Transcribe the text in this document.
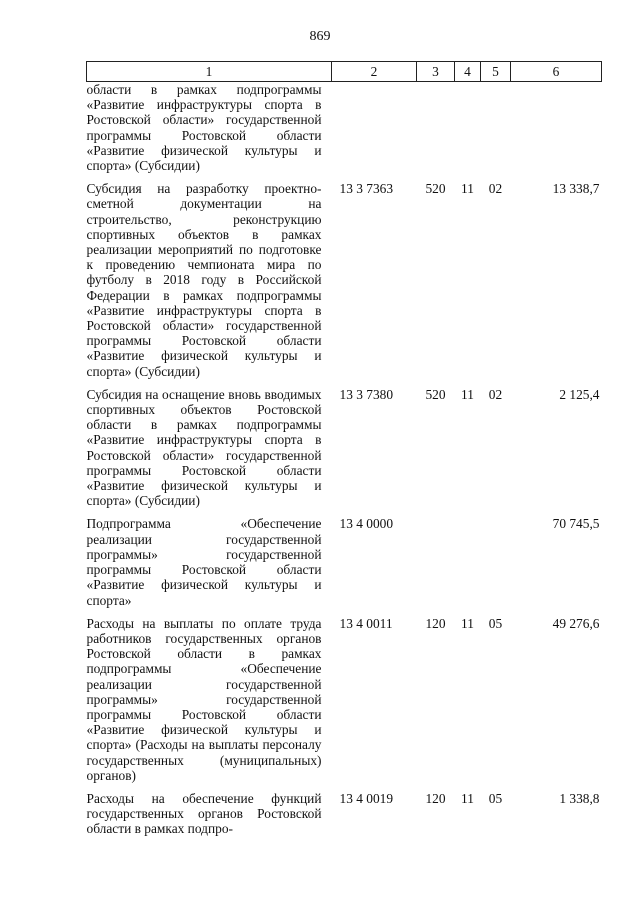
869
1	2	3	4	5	6
области в рамках подпрограммы «Развитие инфраструктуры спорта в Ростовской области» государственной программы Ростовской области «Развитие физической культуры и спорта» (Субсидии)					
Субсидия на разработку проектно-сметной документации на строительство, реконструкцию спортивных объектов в рамках реализации мероприятий по подготовке к проведению чемпионата мира по футболу в 2018 году в Российской Федерации в рамках подпрограммы «Развитие инфраструктуры спорта в Ростовской области» государственной программы Ростовской области «Развитие физической культуры и спорта» (Субсидии)	13 3 7363	520	11	02	13 338,7
Субсидия на оснащение вновь вводимых спортивных объектов Ростовской области в рамках подпрограммы «Развитие инфраструктуры спорта в Ростовской области» государственной программы Ростовской области «Развитие физической культуры и спорта» (Субсидии)	13 3 7380	520	11	02	2 125,4
Подпрограмма «Обеспечение реализации государственной программы» государственной программы Ростовской области «Развитие физической культуры и спорта»	13 4 0000				70 745,5
Расходы на выплаты по оплате труда работников государственных органов Ростовской области в рамках подпрограммы «Обеспечение реализации государственной программы» государственной программы Ростовской области «Развитие физической культуры и спорта» (Расходы на выплаты персоналу государственных (муниципальных) органов)	13 4 0011	120	11	05	49 276,6
Расходы на обеспечение функций государственных органов Ростовской области в рамках подпро-	13 4 0019	120	11	05	1 338,8
